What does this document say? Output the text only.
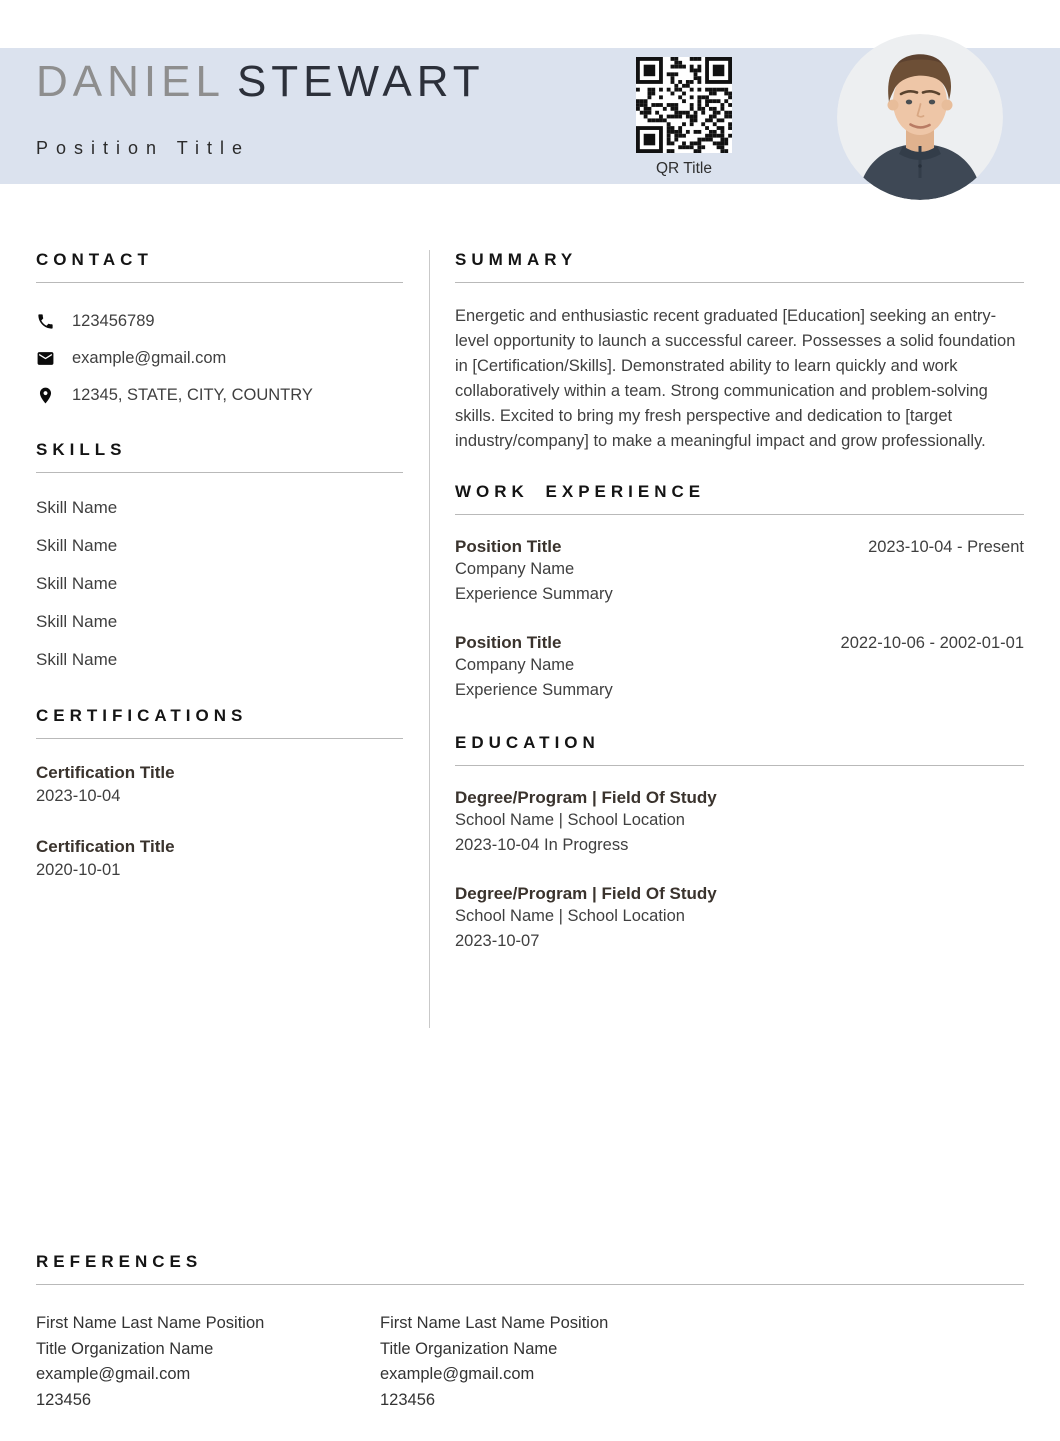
DANIEL STEWART
Position Title
QR Title
CONTACT
123456789
example@gmail.com
12345, STATE, CITY, COUNTRY
SKILLS
Skill Name
Skill Name
Skill Name
Skill Name
Skill Name
CERTIFICATIONS
Certification Title
2023-10-04
Certification Title
2020-10-01
SUMMARY

Energetic and enthusiastic recent graduated [Education] seeking an entry-level opportunity to launch a successful career. Possesses a solid foundation in [Certification/Skills]. Demonstrated ability to learn quickly and work collaboratively within a team. Strong communication and problem-solving skills. Excited to bring my fresh perspective and dedication to [target industry/company] to make a meaningful impact and grow professionally.

WORK EXPERIENCE
Position Title	2023-10-04 - Present
Company Name
Experience Summary
Position Title	2022-10-06 - 2002-01-01
Company Name
Experience Summary
EDUCATION
Degree/Program | Field Of Study
School Name | School Location
2023-10-04 In Progress
Degree/Program | Field Of Study
School Name | School Location
2023-10-07
REFERENCES
First Name Last Name Position
Title Organization Name
example@gmail.com
123456
First Name Last Name Position
Title Organization Name
example@gmail.com
123456
